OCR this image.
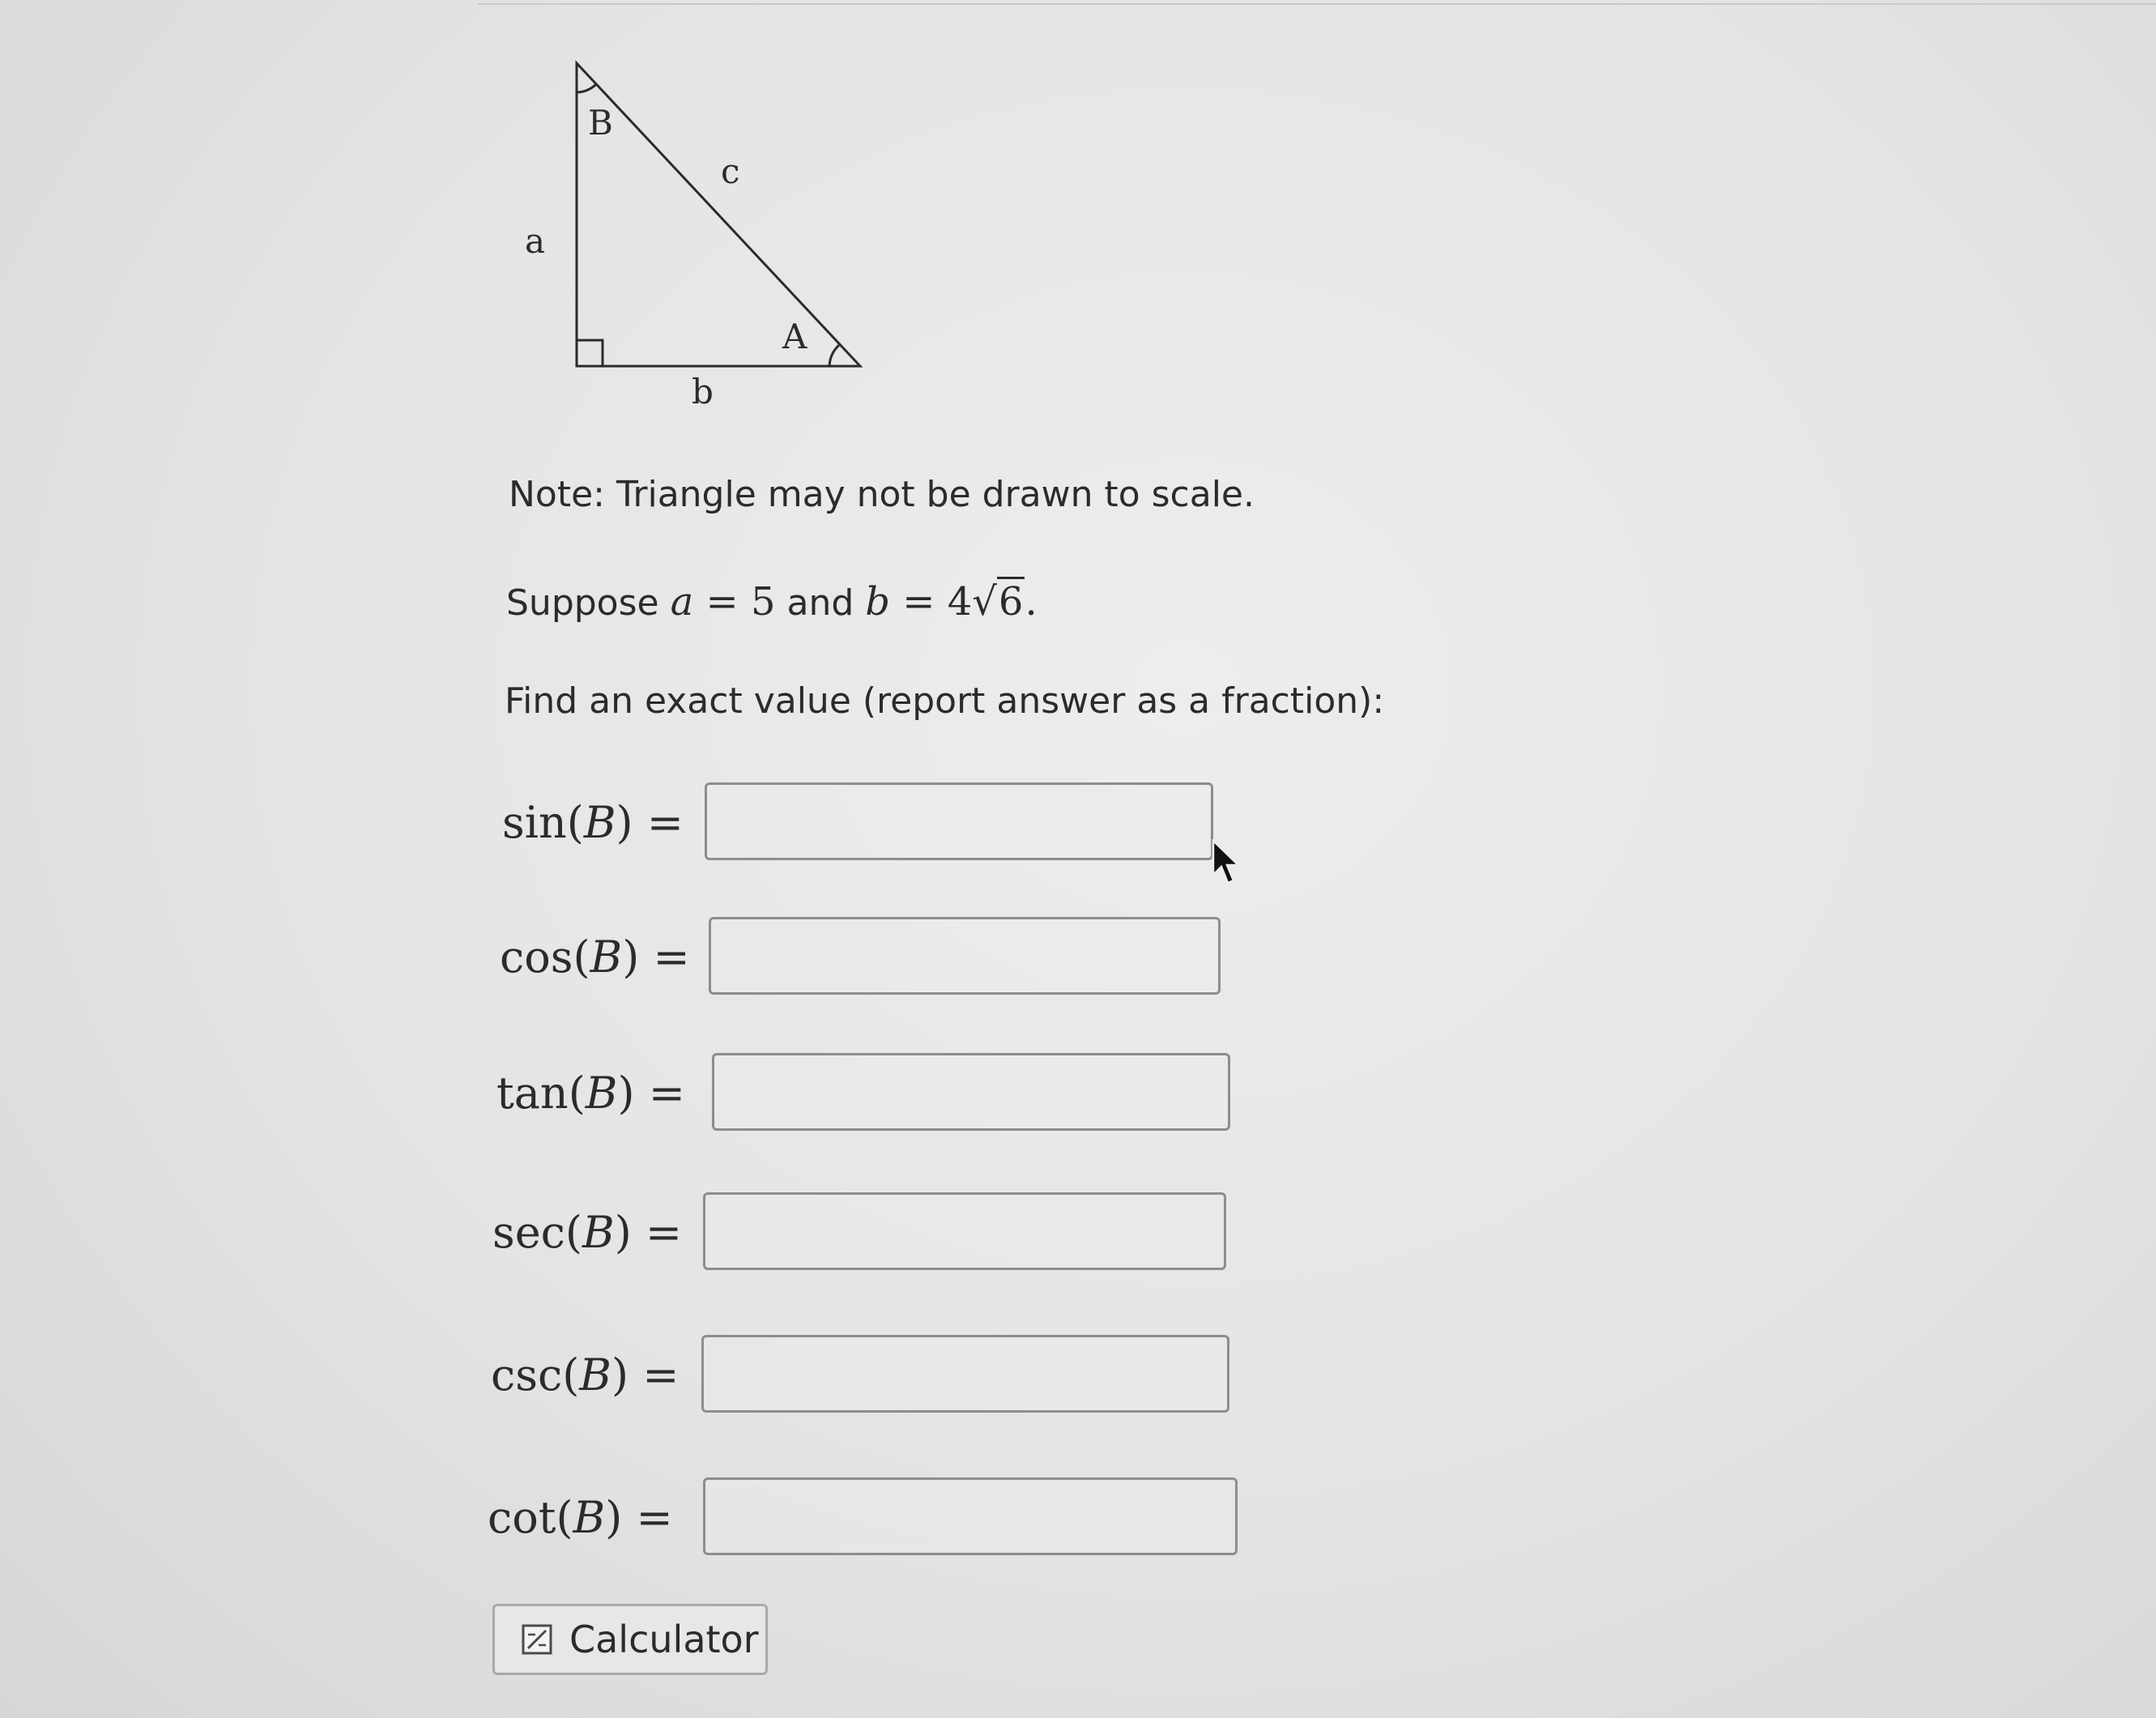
B
A
a
b
c
Note: Triangle may not be drawn to scale.
Suppose a = 5 and b = 4√6.
Find an exact value (report answer as a fraction):
sin(B) =
cos(B) =
tan(B) =
sec(B) =
csc(B) =
cot(B) =
Calculator
